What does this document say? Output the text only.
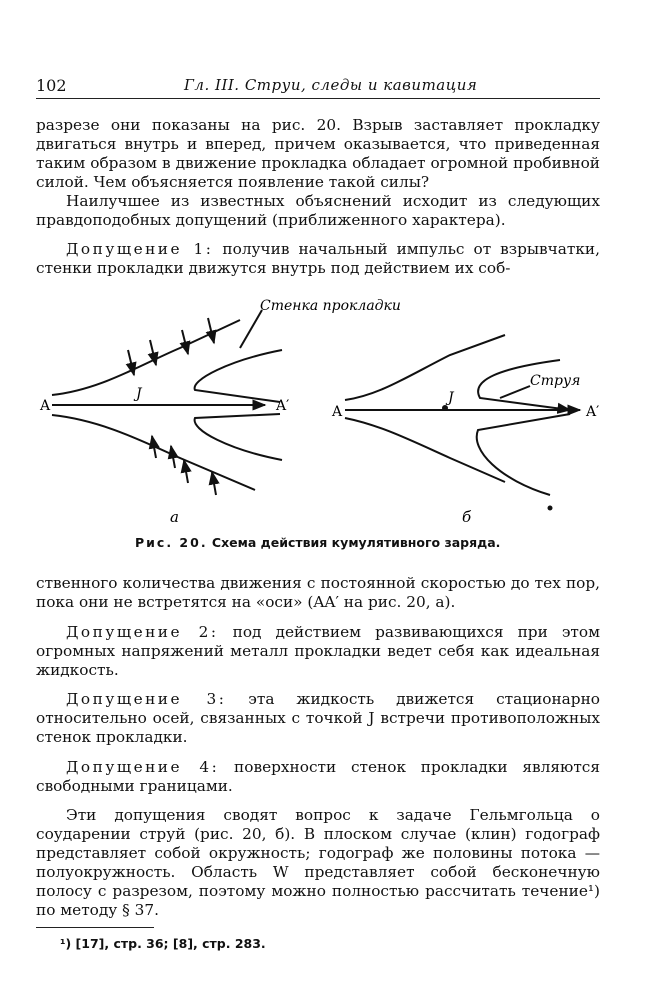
102	Гл. III. Струи, следы и кавитация

разрезе они показаны на рис. 20. Взрыв заставляет прокладку двигаться внутрь и вперед, причем оказывается, что приведенная таким образом в движение прокладка обладает огромной пробивной силой. Чем объясняется появление такой силы?

Наилучшее из известных объяснений исходит из следующих правдоподобных допущений (приближенного характера).

Допущение 1: получив начальный импульс от взрывчатки, стенки прокладки движутся внутрь под действием их соб-

Стенка прокладки
A
J
A′
а
Струя
A
J
A′
б
Рис. 20. Схема действия кумулятивного заряда.

ственного количества движения с постоянной скоростью до тех пор, пока они не встретятся на «оси» (AA′ на рис. 20, a).

Допущение 2: под действием развивающихся при этом огромных напряжений металл прокладки ведет себя как идеальная жидкость.

Допущение 3: эта жидкость движется стационарно относительно осей, связанных с точкой J встречи противоположных стенок прокладки.

Допущение 4: поверхности стенок прокладки являются свободными границами.

Эти допущения сводят вопрос к задаче Гельмгольца о соударении струй (рис. 20, б). В плоском случае (клин) годограф представляет собой окружность; годограф же половины потока — полуокружность. Область W представляет собой бесконечную полосу с разрезом, поэтому можно полностью рассчитать течение¹) по методу § 37.

¹) [17], стр. 36; [8], стр. 283.
